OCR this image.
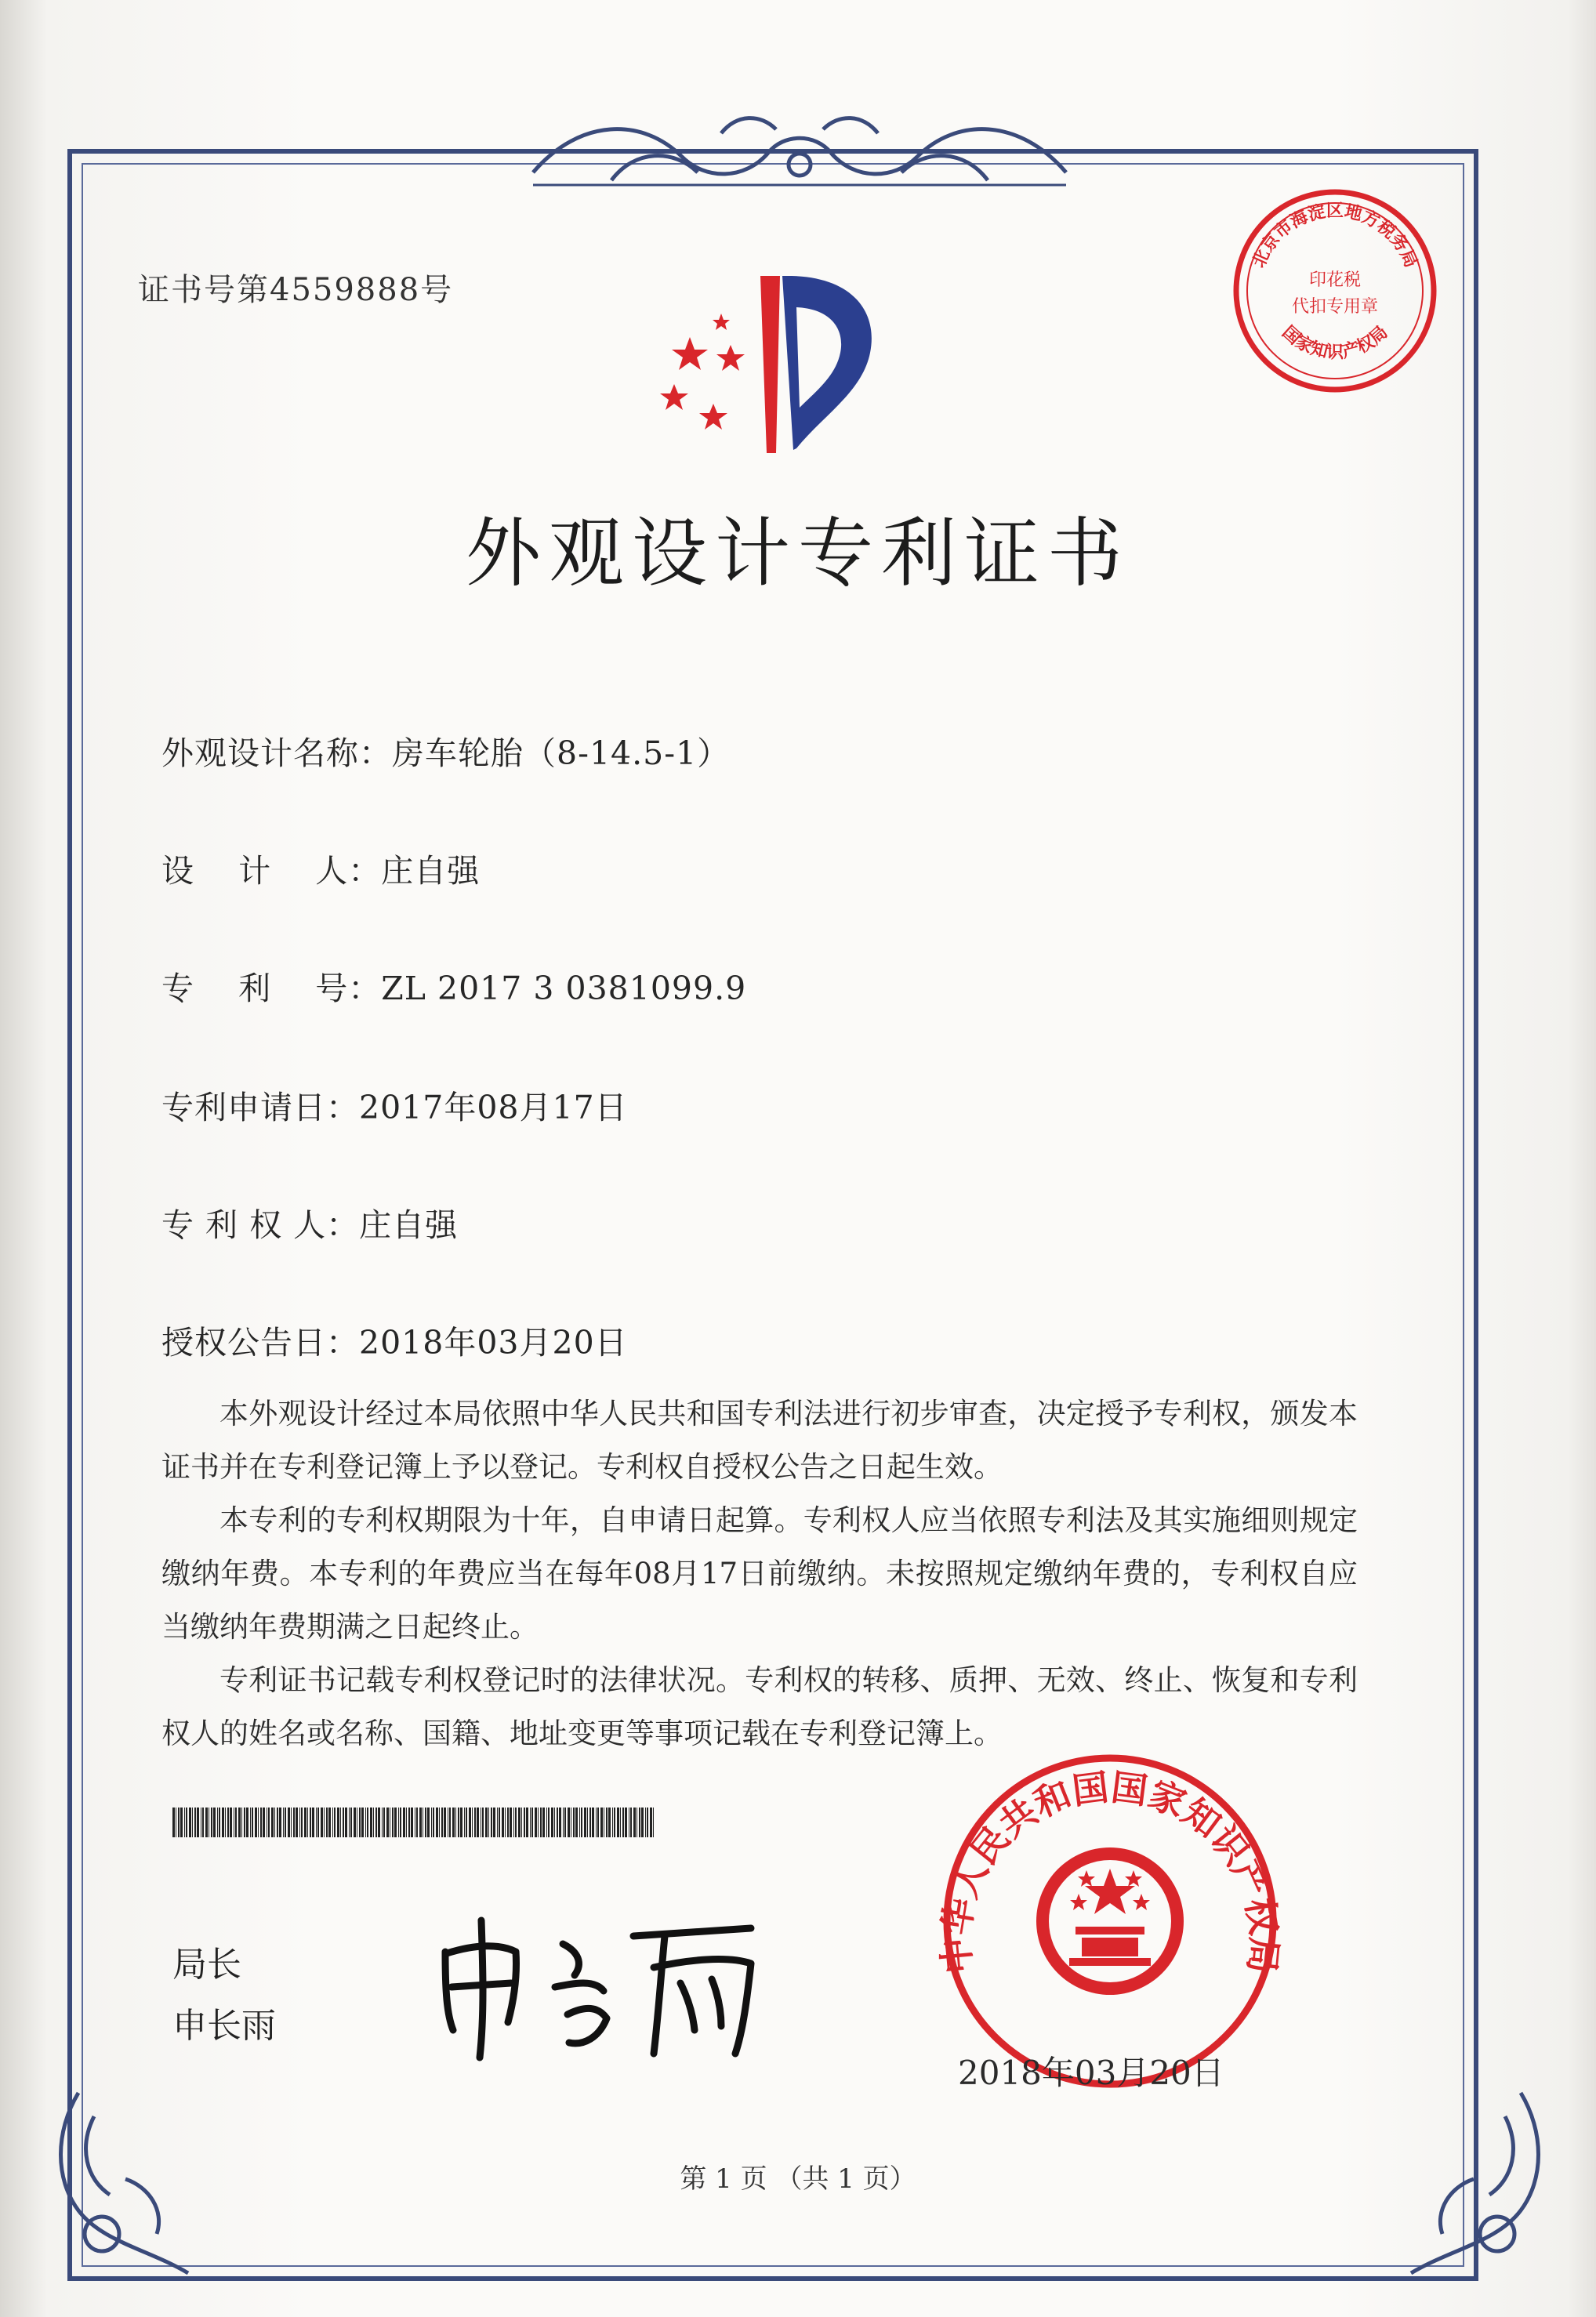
证书号第4559888号
北京市海淀区地方税务局
印花税
代扣专用章
国家知识产权局
外观设计专利证书
外观设计名称：房车轮胎（8-14.5-1）
设    计    人：庄自强
专    利    号：ZL 2017 3 0381099.9
专利申请日：2017年08月17日
专 利 权 人：庄自强
授权公告日：2018年03月20日

本外观设计经过本局依照中华人民共和国专利法进行初步审查，决定授予专利权，颁发本证书并在专利登记簿上予以登记。专利权自授权公告之日起生效。

本专利的专利权期限为十年，自申请日起算。专利权人应当依照专利法及其实施细则规定缴纳年费。本专利的年费应当在每年08月17日前缴纳。未按照规定缴纳年费的，专利权自应当缴纳年费期满之日起终止。

专利证书记载专利权登记时的法律状况。专利权的转移、质押、无效、终止、恢复和专利权人的姓名或名称、国籍、地址变更等事项记载在专利登记簿上。

局长
申长雨
中华人民共和国国家知识产权局
2018年03月20日
第 1 页 （共 1 页）
